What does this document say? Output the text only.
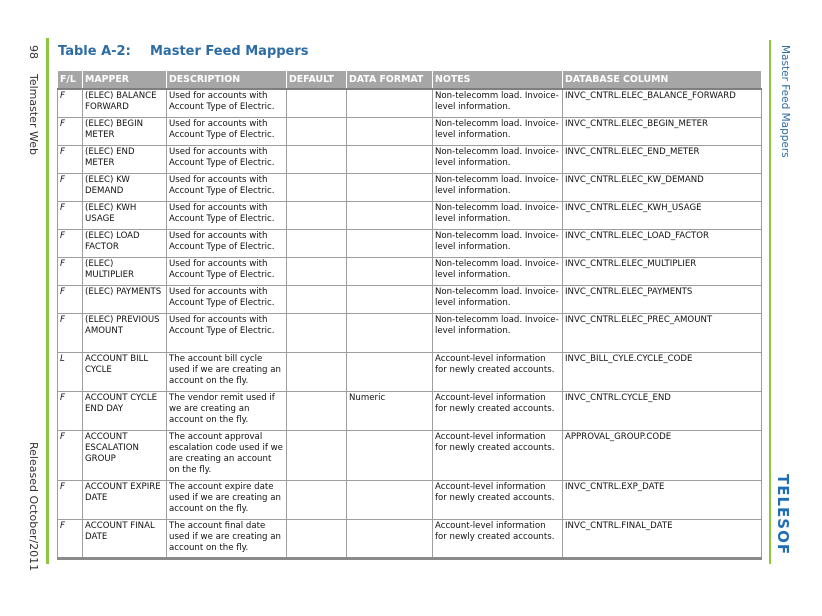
98
Telmaster Web
Released October/2011
Master Feed Mappers
TELESOF
Table A-2: Master Feed Mappers
F/L	MAPPER	DESCRIPTION	DEFAULT	DATA FORMAT	NOTES	DATABASE COLUMN
F	(ELEC) BALANCE FORWARD	Used for accounts with Account Type of Electric.			Non-telecomm load. Invoice-level information.	INVC_CNTRL.ELEC_BALANCE_FORWARD
F	(ELEC) BEGIN METER	Used for accounts with Account Type of Electric.			Non-telecomm load. Invoice-level information.	INVC_CNTRL.ELEC_BEGIN_METER
F	(ELEC) END METER	Used for accounts with Account Type of Electric.			Non-telecomm load. Invoice-level information.	INVC_CNTRL.ELEC_END_METER
F	(ELEC) KW DEMAND	Used for accounts with Account Type of Electric.			Non-telecomm load. Invoice-level information.	INVC_CNTRL.ELEC_KW_DEMAND
F	(ELEC) KWH USAGE	Used for accounts with Account Type of Electric.			Non-telecomm load. Invoice-level information.	INVC_CNTRL.ELEC_KWH_USAGE
F	(ELEC) LOAD FACTOR	Used for accounts with Account Type of Electric.			Non-telecomm load. Invoice-level information.	INVC_CNTRL.ELEC_LOAD_FACTOR
F	(ELEC) MULTIPLIER	Used for accounts with Account Type of Electric.			Non-telecomm load. Invoice-level information.	INVC_CNTRL.ELEC_MULTIPLIER
F	(ELEC) PAYMENTS	Used for accounts with Account Type of Electric.			Non-telecomm load. Invoice-level information.	INVC_CNTRL.ELEC_PAYMENTS
F	(ELEC) PREVIOUS AMOUNT	Used for accounts with Account Type of Electric.			Non-telecomm load. Invoice-level information.	INVC_CNTRL.ELEC_PREC_AMOUNT
L	ACCOUNT BILL CYCLE	The account bill cycle used if we are creating an account on the fly.			Account-level information for newly created accounts.	INVC_BILL_CYLE.CYCLE_CODE
F	ACCOUNT CYCLE END DAY	The vendor remit used if we are creating an account on the fly.		Numeric	Account-level information for newly created accounts.	INVC_CNTRL.CYCLE_END
F	ACCOUNT ESCALATION GROUP	The account approval escalation code used if we are creating an account on the fly.			Account-level information for newly created accounts.	APPROVAL_GROUP.CODE
F	ACCOUNT EXPIRE DATE	The account expire date used if we are creating an account on the fly.			Account-level information for newly created accounts.	INVC_CNTRL.EXP_DATE
F	ACCOUNT FINAL DATE	The account final date used if we are creating an account on the fly.			Account-level information for newly created accounts.	INVC_CNTRL.FINAL_DATE
